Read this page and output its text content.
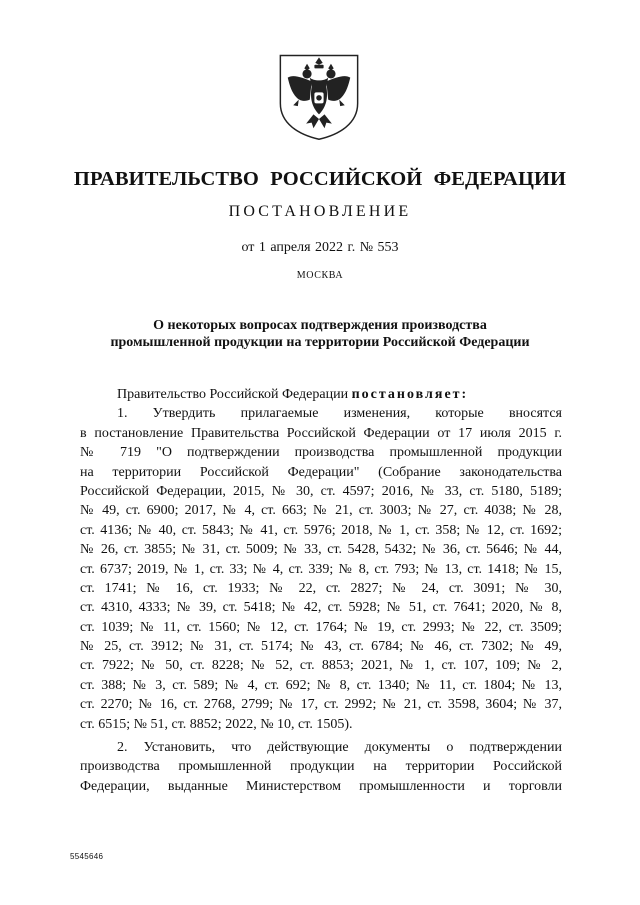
ПРАВИТЕЛЬСТВО РОССИЙСКОЙ ФЕДЕРАЦИИ
ПОСТАНОВЛЕНИЕ
от 1 апреля 2022 г. № 553
МОСКВА
О некоторых вопросах подтверждения производства
промышленной продукции на территории Российской Федерации
Правительство Российской Федерации постановляет:
1. Утвердить прилагаемые изменения, которые вносятся
в постановление Правительства Российской Федерации от 17 июля 2015 г.
№ 719 "О подтверждении производства промышленной продукции
на территории Российской Федерации" (Собрание законодательства
Российской Федерации, 2015, № 30, ст. 4597; 2016, № 33, ст. 5180, 5189;
№ 49, ст. 6900; 2017, № 4, ст. 663; № 21, ст. 3003; № 27, ст. 4038; № 28,
ст. 4136; № 40, ст. 5843; № 41, ст. 5976; 2018, № 1, ст. 358; № 12, ст. 1692;
№ 26, ст. 3855; № 31, ст. 5009; № 33, ст. 5428, 5432; № 36, ст. 5646; № 44,
ст. 6737; 2019, № 1, ст. 33; № 4, ст. 339; № 8, ст. 793; № 13, ст. 1418; № 15,
ст. 1741; № 16, ст. 1933; № 22, ст. 2827; № 24, ст. 3091; № 30,
ст. 4310, 4333; № 39, ст. 5418; № 42, ст. 5928; № 51, ст. 7641; 2020, № 8,
ст. 1039; № 11, ст. 1560; № 12, ст. 1764; № 19, ст. 2993; № 22, ст. 3509;
№ 25, ст. 3912; № 31, ст. 5174; № 43, ст. 6784; № 46, ст. 7302; № 49,
ст. 7922; № 50, ст. 8228; № 52, ст. 8853; 2021, № 1, ст. 107, 109; № 2,
ст. 388; № 3, ст. 589; № 4, ст. 692; № 8, ст. 1340; № 11, ст. 1804; № 13,
ст. 2270; № 16, ст. 2768, 2799; № 17, ст. 2992; № 21, ст. 3598, 3604; № 37,
ст. 6515; № 51, ст. 8852; 2022, № 10, ст. 1505).
2. Установить, что действующие документы о подтверждении
производства промышленной продукции на территории Российской
Федерации, выданные Министерством промышленности и торговли
5545646
